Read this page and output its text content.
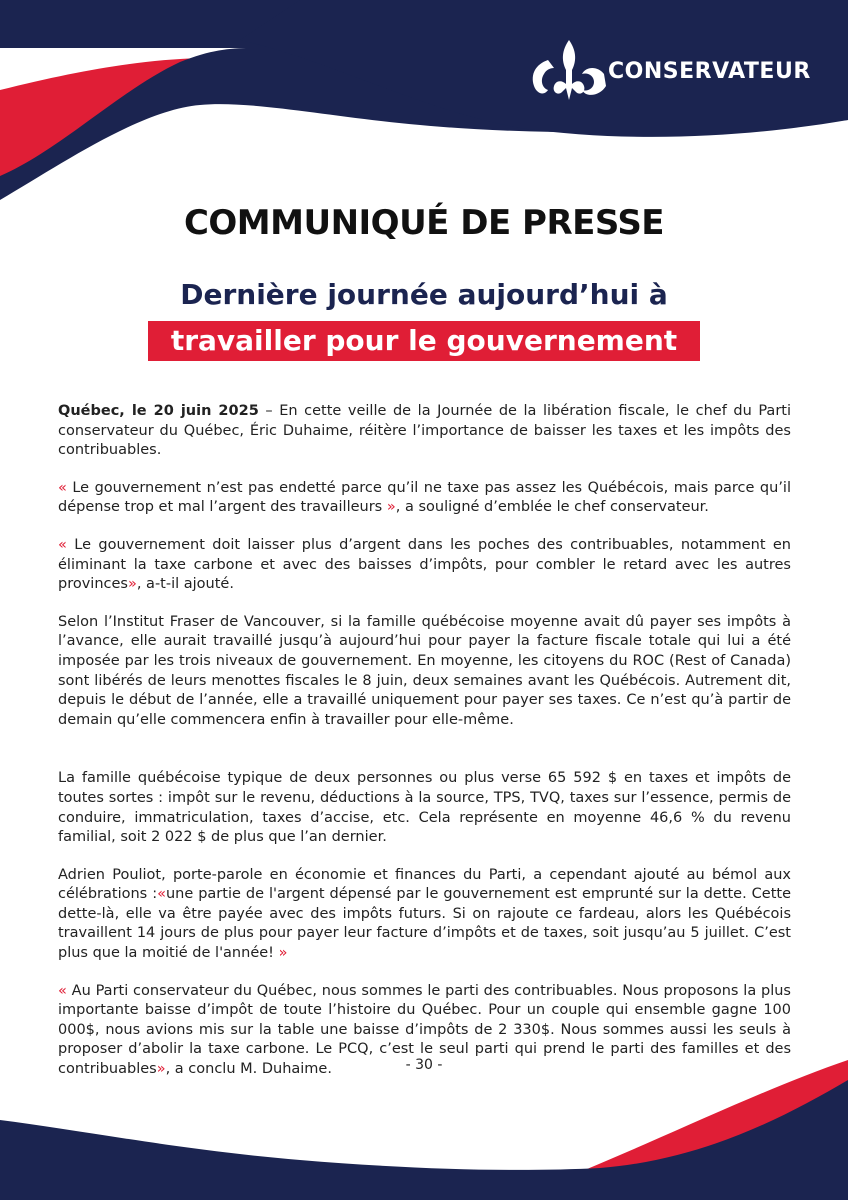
CONSERVATEUR
COMMUNIQUÉ DE PRESSE
Dernière journée aujourd’hui à
travailler pour le gouvernement

Québec, le 20 juin 2025 – En cette veille de la Journée de la libération fiscale, le chef du Parti conservateur du Québec, Éric Duhaime, réitère l’importance de baisser les taxes et les impôts des contribuables.

« Le gouvernement n’est pas endetté parce qu’il ne taxe pas assez les Québécois, mais parce qu’il dépense trop et mal l’argent des travailleurs », a souligné d’emblée le chef conservateur.

« Le gouvernement doit laisser plus d’argent dans les poches des contribuables, notamment en éliminant la taxe carbone et avec des baisses d’impôts, pour combler le retard avec les autres provinces», a-t-il ajouté.

Selon l’Institut Fraser de Vancouver, si la famille québécoise moyenne avait dû payer ses impôts à l’avance, elle aurait travaillé jusqu’à aujourd’hui pour payer la facture fiscale totale qui lui a été imposée par les trois niveaux de gouvernement. En moyenne, les citoyens du ROC (Rest of Canada) sont libérés de leurs menottes fiscales le 8 juin, deux semaines avant les Québécois. Autrement dit, depuis le début de l’année, elle a travaillé uniquement pour payer ses taxes. Ce n’est qu’à partir de demain qu’elle commencera enfin à travailler pour elle-même.

La famille québécoise typique de deux personnes ou plus verse 65 592 $ en taxes et impôts de toutes sortes : impôt sur le revenu, déductions à la source, TPS, TVQ, taxes sur l’essence, permis de conduire, immatriculation, taxes d’accise, etc. Cela représente en moyenne 46,6 % du revenu familial, soit 2 022 $ de plus que l’an dernier.

Adrien Pouliot, porte-parole en économie et finances du Parti, a cependant ajouté au bémol aux célébrations :«une partie de l'argent dépensé par le gouvernement est emprunté sur la dette. Cette dette-là, elle va être payée avec des impôts futurs. Si on rajoute ce fardeau, alors les Québécois travaillent 14 jours de plus pour payer leur facture d’impôts et de taxes, soit jusqu’au 5 juillet. C’est plus que la moitié de l'année! »

« Au Parti conservateur du Québec, nous sommes le parti des contribuables. Nous proposons la plus importante baisse d’impôt de toute l’histoire du Québec. Pour un couple qui ensemble gagne 100 000$, nous avions mis sur la table une baisse d’impôts de 2 330$. Nous sommes aussi les seuls à proposer d’abolir la taxe carbone. Le PCQ, c’est le seul parti qui prend le parti des familles et des contribuables», a conclu M. Duhaime.	- 30 -
